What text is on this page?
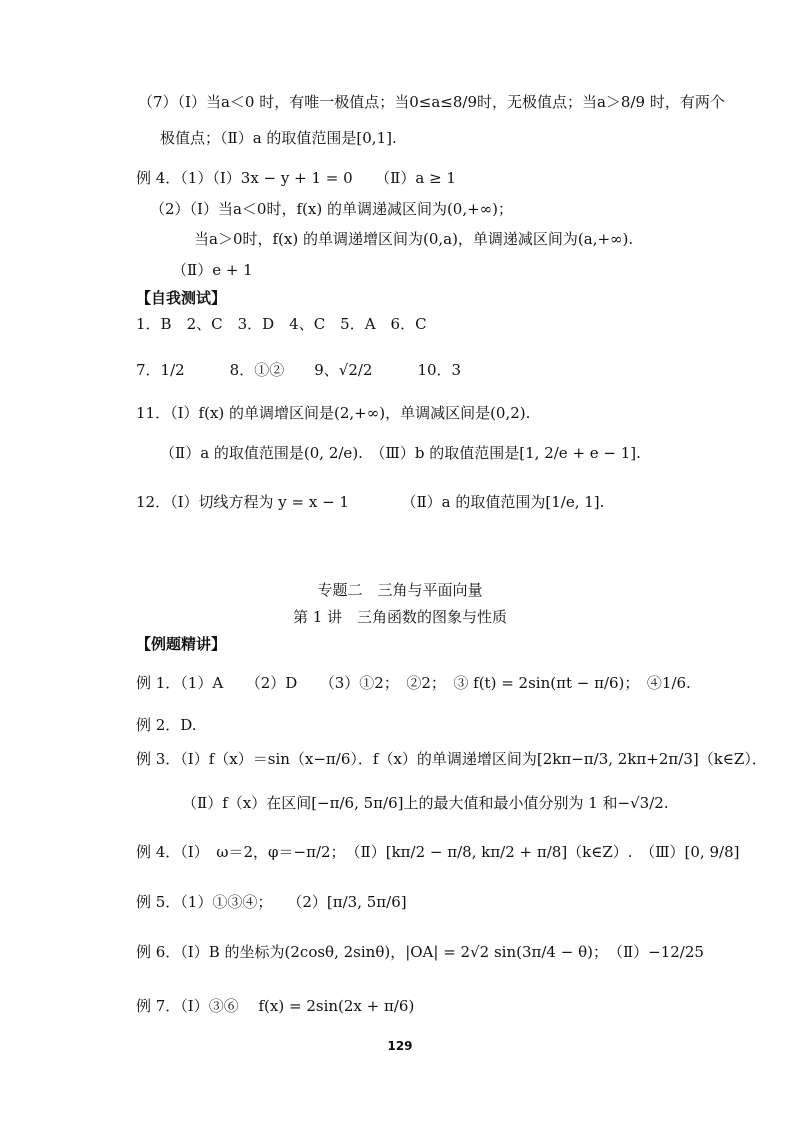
（7）（Ⅰ）当a＜0 时，有唯一极值点；当0≤a≤8/9时，无极值点；当a＞8/9 时，有两个
极值点；（Ⅱ）a 的取值范围是[0,1].
例 4．（1）（Ⅰ）3x − y + 1 = 0　　（Ⅱ）a ≥ 1
（2）（Ⅰ）当a＜0时，f(x) 的单调递减区间为(0,+∞)；
当a＞0时，f(x) 的单调递增区间为(0,a)，单调递减区间为(a,+∞).
（Ⅱ）e + 1
【自我测试】
1．B　2、C　3．D　4、C　5．A　6．C
7．1/2　　　8．①②　　9、√2/2　　　10．3
11．（Ⅰ）f(x) 的单调增区间是(2,+∞)，单调减区间是(0,2).
（Ⅱ）a 的取值范围是(0, 2/e).　（Ⅲ）b 的取值范围是[1, 2/e + e − 1].
12．（Ⅰ）切线方程为 y = x − 1　　　　（Ⅱ）a 的取值范围为[1/e, 1].
专题二　三角与平面向量
第 1 讲　三角函数的图象与性质
【例题精讲】
例 1．（1）A　　（2）D　　（3）①2；　②2；　③ f(t) = 2sin(πt − π/6)；　④1/6.
例 2．D.
例 3．（Ⅰ）f（x）＝sin（x−π/6）．f（x）的单调递增区间为[2kπ−π/3, 2kπ+2π/3]（k∈Z）．
（Ⅱ）f（x）在区间[−π/6, 5π/6]上的最大值和最小值分别为 1 和−√3/2.
例 4．（Ⅰ）　ω＝2，φ＝−π/2；　（Ⅱ）[kπ/2 − π/8, kπ/2 + π/8]（k∈Z）.　（Ⅲ）[0, 9/8]
例 5．（1）①③④；　　（2）[π/3, 5π/6]
例 6．（Ⅰ）B 的坐标为(2cosθ, 2sinθ)，|OA| = 2√2 sin(3π/4 − θ)；　（Ⅱ）−12/25
例 7．（Ⅰ）③⑥　 f(x) = 2sin(2x + π/6)
129
